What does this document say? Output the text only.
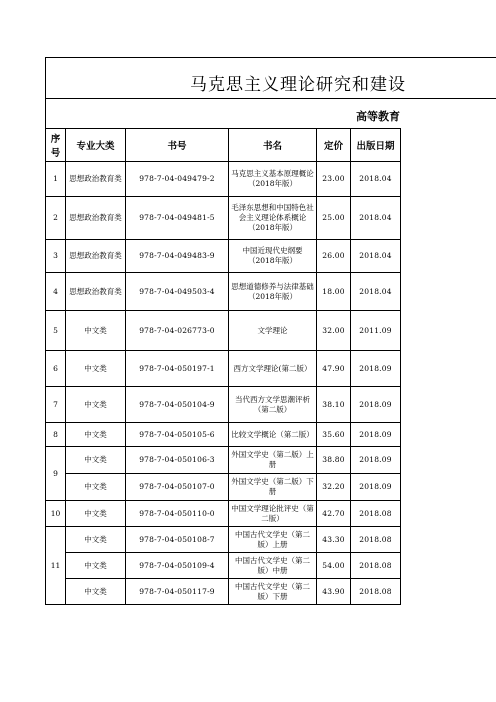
马克思主义理论研究和建设
高等教育
序号	专业大类	书号	书名	定价	出版日期
1	思想政治教育类	978-7-04-049479-2	马克思主义基本原理概论（2018年版）	23.00	2018.04
2	思想政治教育类	978-7-04-049481-5	毛泽东思想和中国特色社会主义理论体系概论（2018年版）	25.00	2018.04
3	思想政治教育类	978-7-04-049483-9	中国近现代史纲要（2018年版）	26.00	2018.04
4	思想政治教育类	978-7-04-049503-4	思想道德修养与法律基础（2018年版）	18.00	2018.04
5	中文类	978-7-04-026773-0	文学理论	32.00	2011.09
6	中文类	978-7-04-050197-1	西方文学理论(第二版）	47.90	2018.09
7	中文类	978-7-04-050104-9	当代西方文学思潮评析（第二版）	38.10	2018.09
8	中文类	978-7-04-050105-6	比较文学概论（第二版）	35.60	2018.09
9	中文类	978-7-04-050106-3	外国文学史（第二版）上册	38.80	2018.09
	中文类	978-7-04-050107-0	外国文学史（第二版）下册	32.20	2018.09
10	中文类	978-7-04-050110-0	中国文学理论批评史（第二版）	42.70	2018.08
11	中文类	978-7-04-050108-7	中国古代文学史（第二版）上册	43.30	2018.08
	中文类	978-7-04-050109-4	中国古代文学史（第二版）中册	54.00	2018.08
	中文类	978-7-04-050117-9	中国古代文学史（第二版）下册	43.90	2018.08
